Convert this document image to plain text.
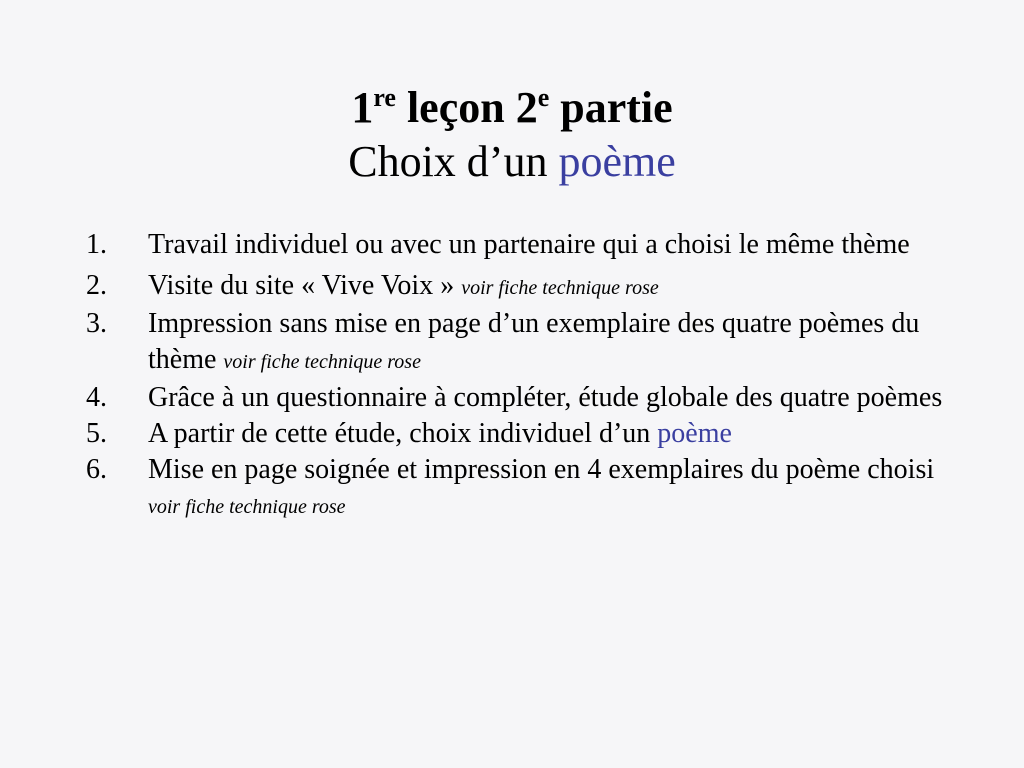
1re leçon 2e partie
Choix d’un poème
1.	Travail individuel ou avec un partenaire qui a choisi le même thème
2.	Visite du site « Vive Voix » voir fiche technique rose
3.	Impression sans mise en page d’un exemplaire des quatre poèmes du thème voir fiche technique rose
4.	Grâce à un questionnaire à compléter, étude globale des quatre poèmes
5.	A partir de cette étude, choix individuel d’un poème
6.	Mise en page soignée et impression en 4 exemplaires du poème choisi
voir fiche technique rose
